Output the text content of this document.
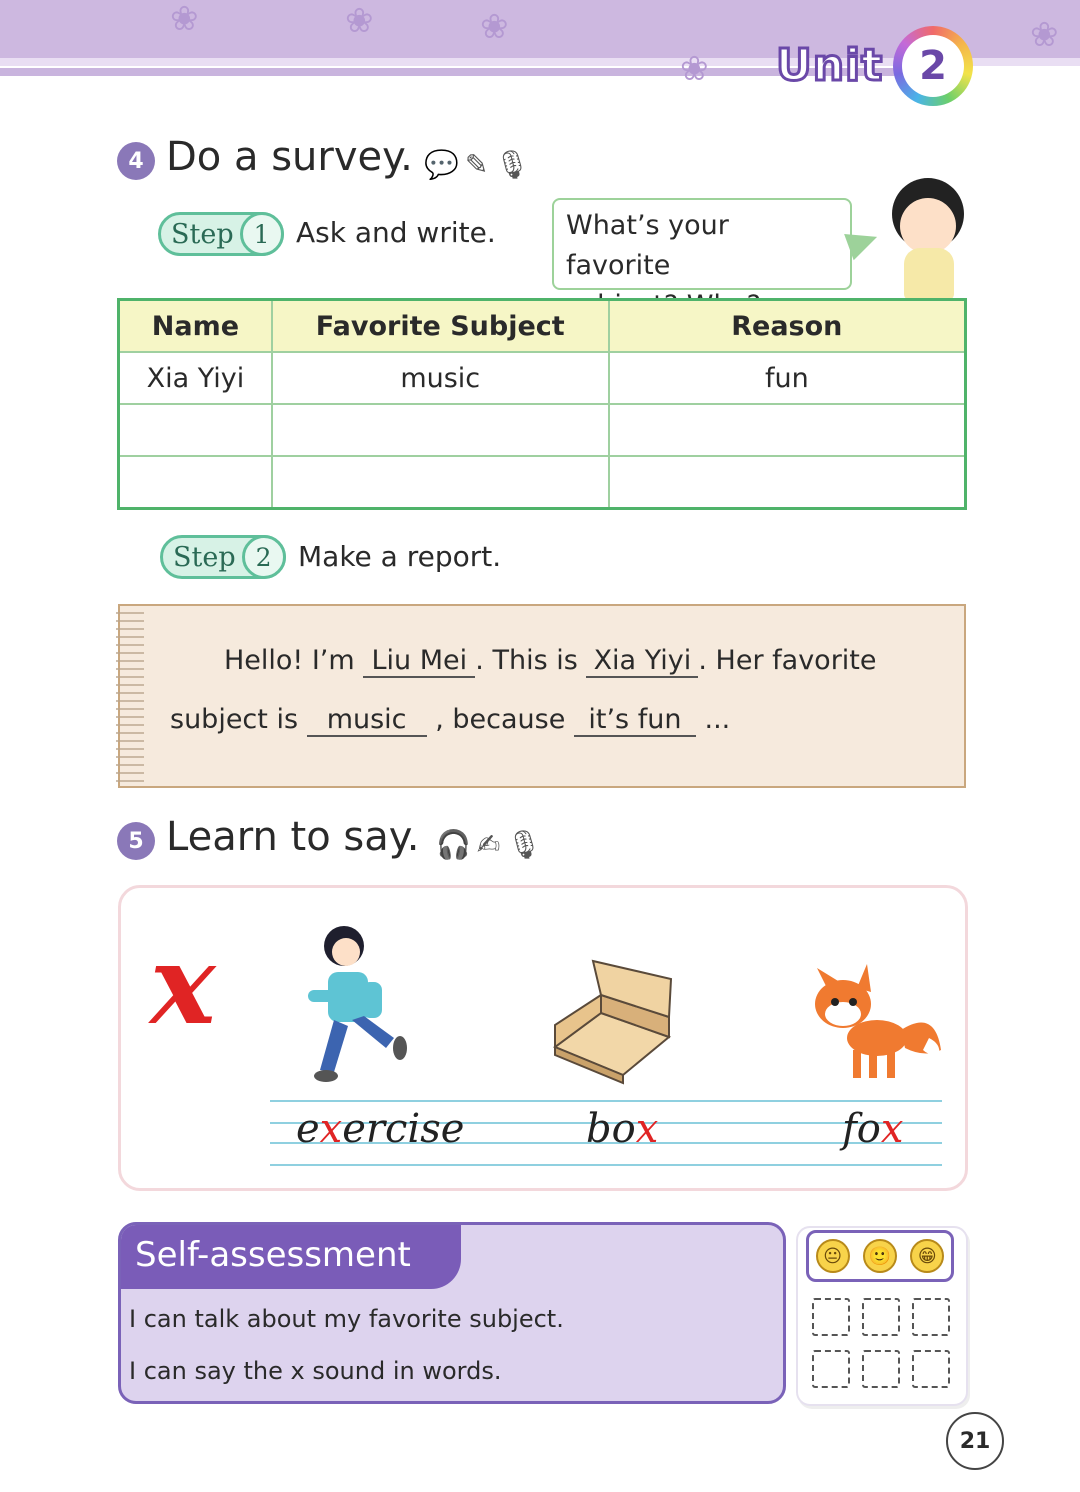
❀	❀	❀
❀
❀
Unit 2
4 Do a survey. 💬 ✎ 🎙
Step 1 Ask and write.	What’s your favorite
Name	Favorite Subject	Reason
Xia Yiyi	music	fun

Step 2 Make a report.
Hello! I’m Liu Mei . This is Xia Yiyi . Her favorite
subject is music , because it’s fun ...
5 Learn to say. 🎧 ✍ 🎙
x
exercise	box	fox
Self-assessment
I can talk about my favorite subject.
I can say the x sound in words.
😐	🙂	😁
21
